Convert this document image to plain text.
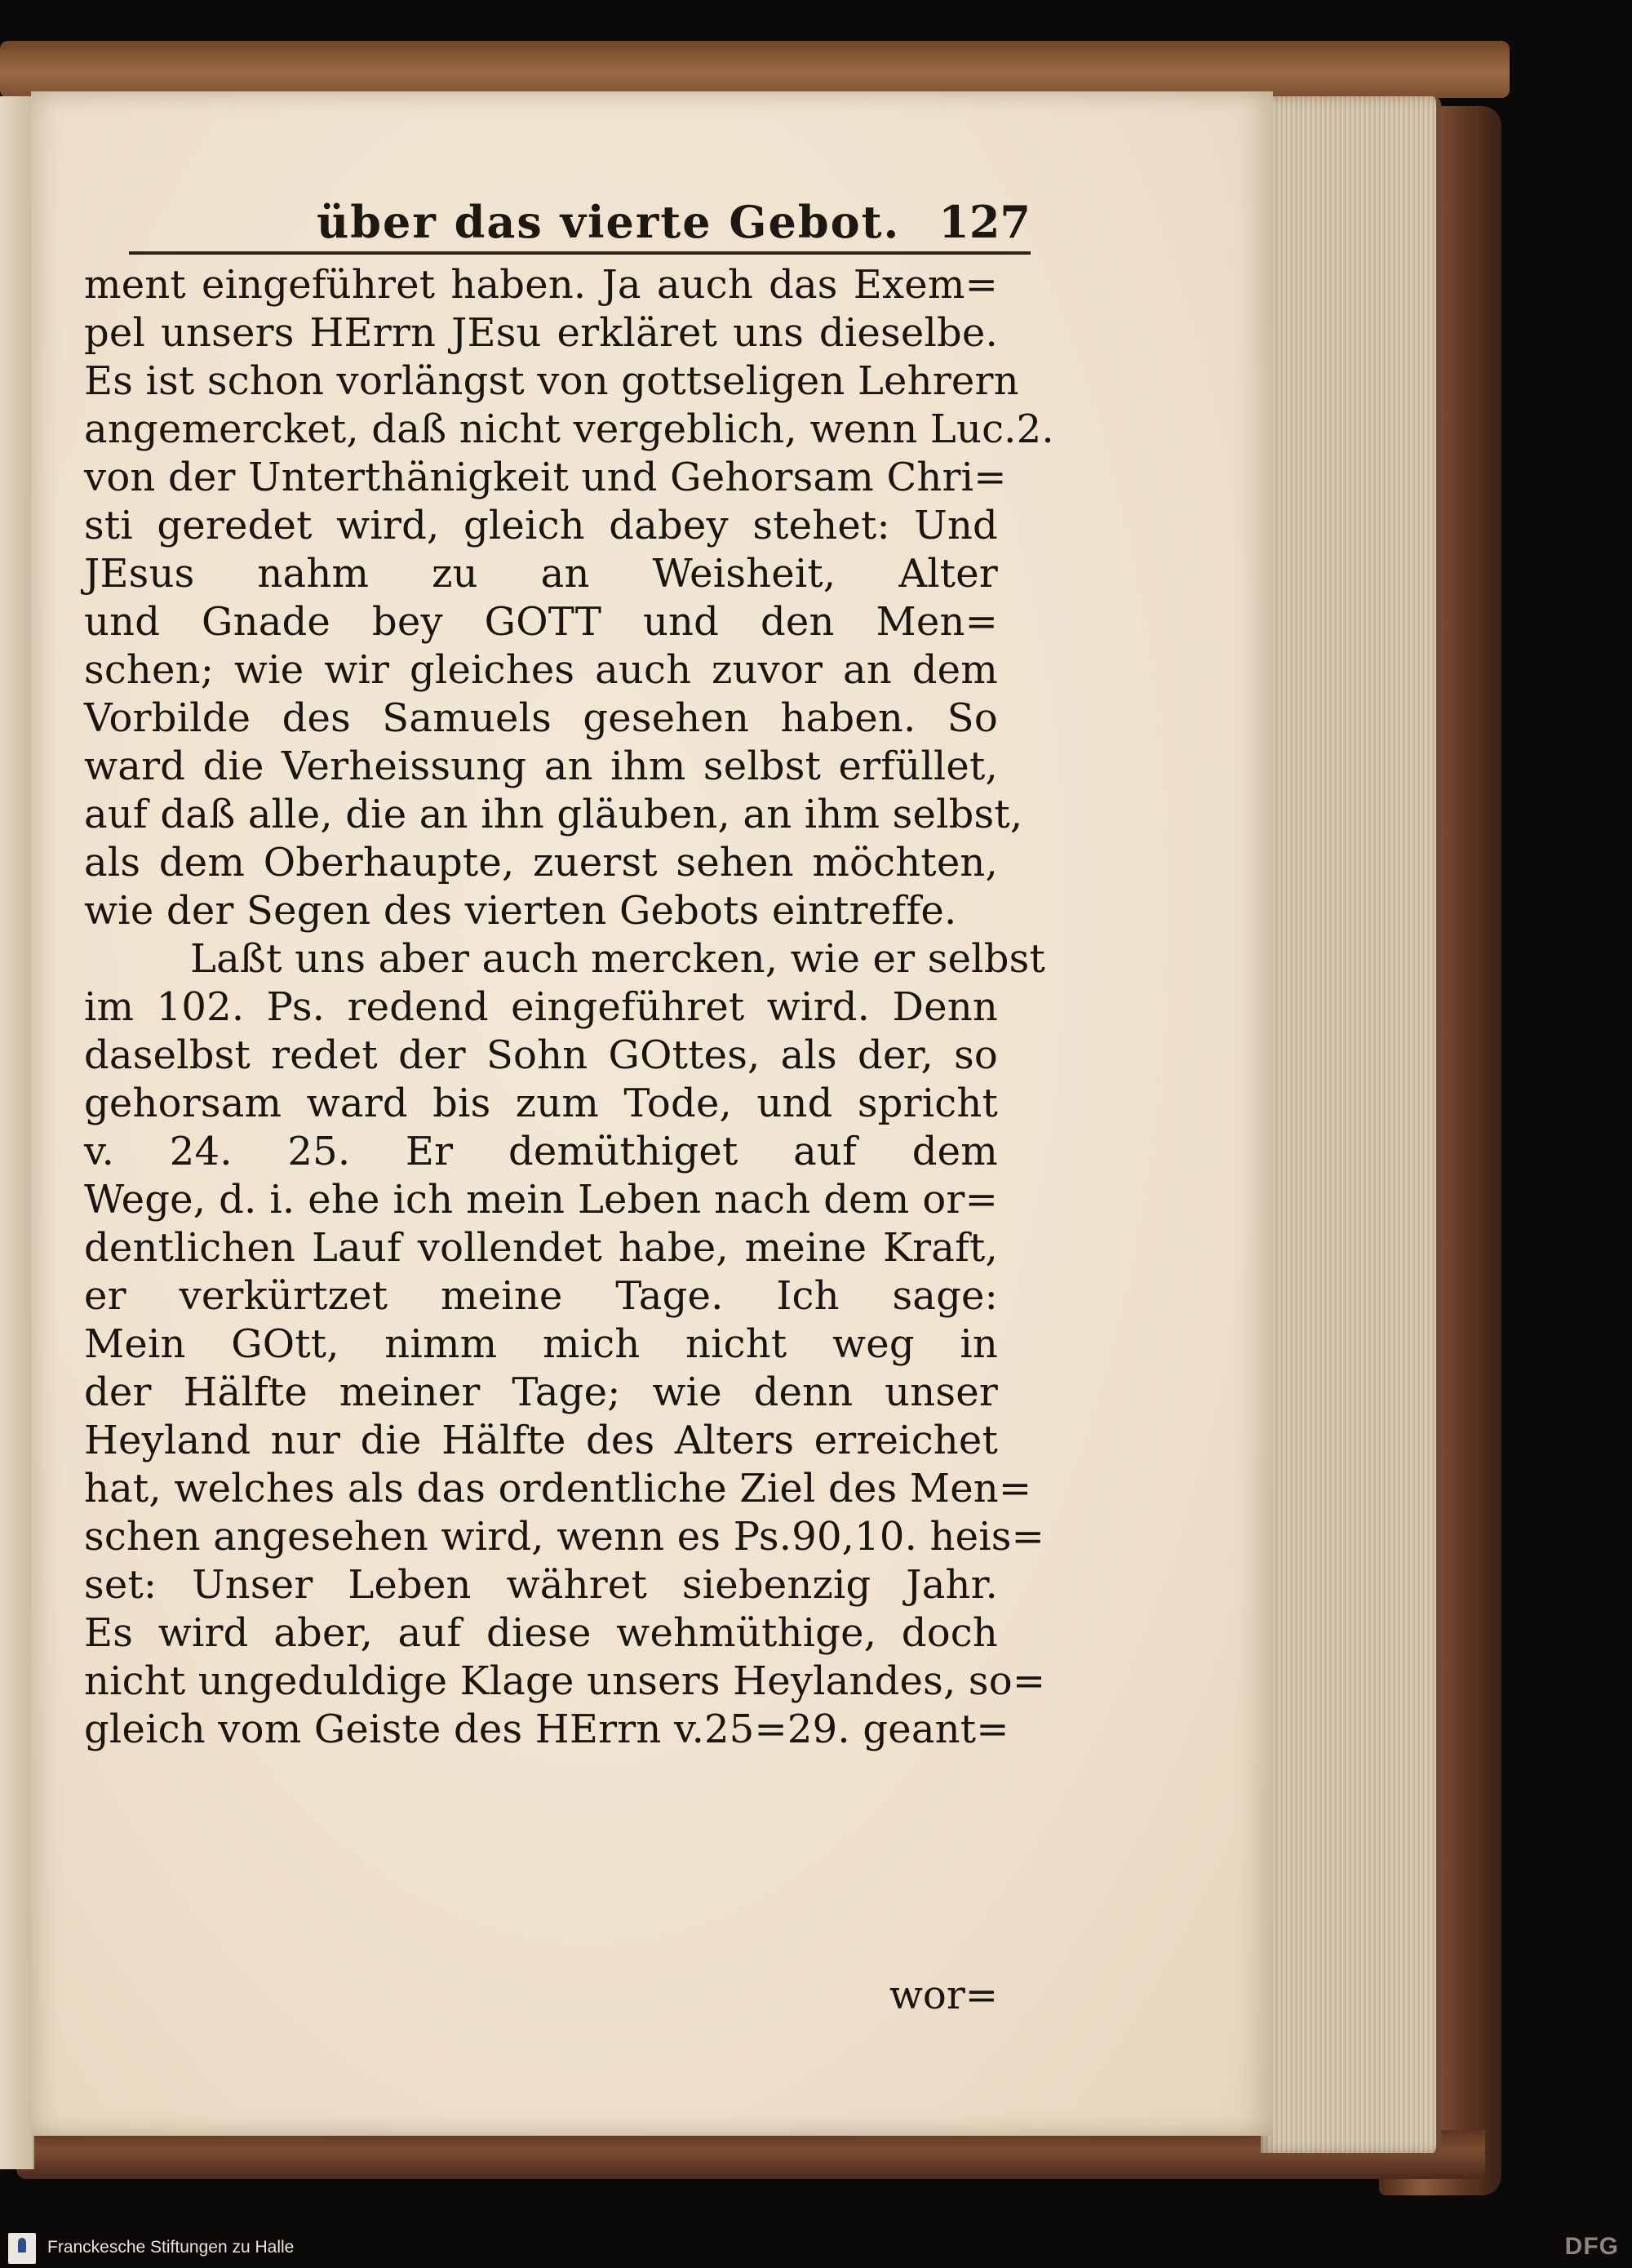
über das vierte Gebot. 127
ment eingeführet haben. Ja auch das Exem=
pel unsers HErrn JEsu erkläret uns dieselbe.
Es ist schon vorlängst von gottseligen Lehrern
angemercket, daß nicht vergeblich, wenn Luc.2.
von der Unterthänigkeit und Gehorsam Chri=
sti geredet wird, gleich dabey stehet: Und
JEsus nahm zu an Weisheit, Alter
und Gnade bey GOTT und den Men=
schen; wie wir gleiches auch zuvor an dem
Vorbilde des Samuels gesehen haben. So
ward die Verheissung an ihm selbst erfüllet,
auf daß alle, die an ihn gläuben, an ihm selbst,
als dem Oberhaupte, zuerst sehen möchten,
wie der Segen des vierten Gebots eintreffe.
Laßt uns aber auch mercken, wie er selbst
im 102. Ps. redend eingeführet wird. Denn
daselbst redet der Sohn GOttes, als der, so
gehorsam ward bis zum Tode, und spricht
v. 24. 25. Er demüthiget auf dem
Wege, d. i. ehe ich mein Leben nach dem or=
dentlichen Lauf vollendet habe, meine Kraft,
er verkürtzet meine Tage. Ich sage:
Mein GOtt, nimm mich nicht weg in
der Hälfte meiner Tage; wie denn unser
Heyland nur die Hälfte des Alters erreichet
hat, welches als das ordentliche Ziel des Men=
schen angesehen wird, wenn es Ps.90,10. heis=
set: Unser Leben währet siebenzig Jahr.
Es wird aber, auf diese wehmüthige, doch
nicht ungeduldige Klage unsers Heylandes, so=
gleich vom Geiste des HErrn v.25=29. geant=
wor=
Franckesche Stiftungen zu Halle	DFG
